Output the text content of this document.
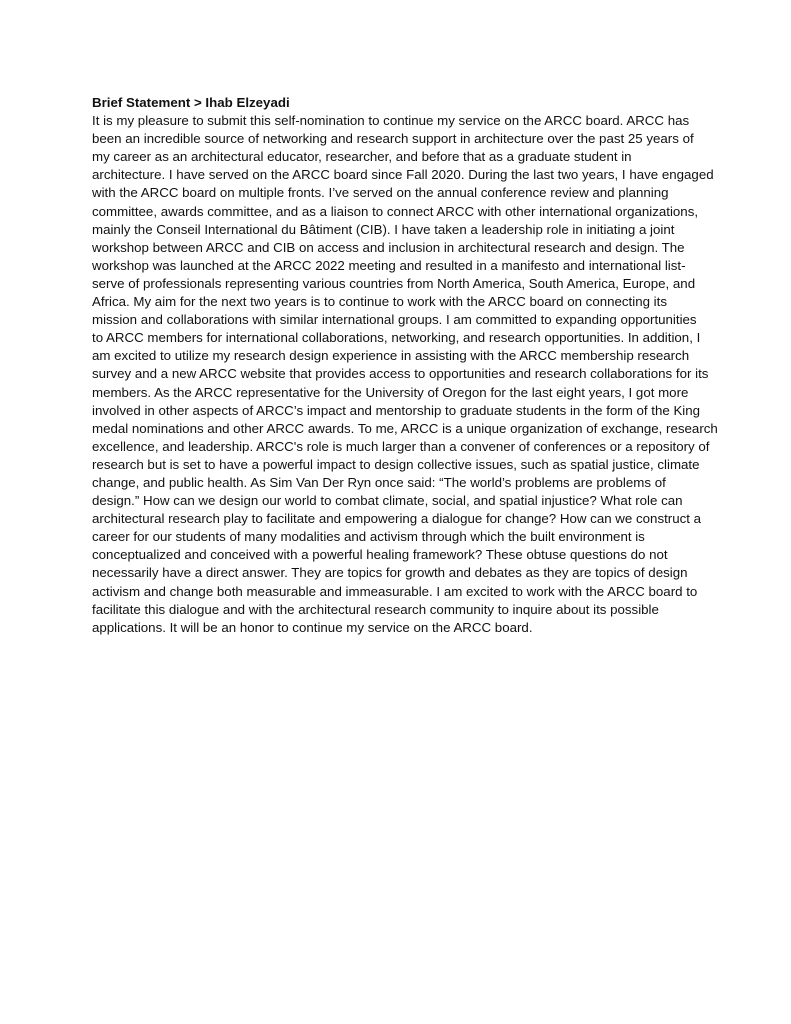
Brief Statement > Ihab Elzeyadi

It is my pleasure to submit this self-nomination to continue my service on the ARCC board. ARCC has
been an incredible source of networking and research support in architecture over the past 25 years of
my career as an architectural educator, researcher, and before that as a graduate student in
architecture. I have served on the ARCC board since Fall 2020. During the last two years, I have engaged
with the ARCC board on multiple fronts. I’ve served on the annual conference review and planning
committee, awards committee, and as a liaison to connect ARCC with other international organizations,
mainly the Conseil International du Bâtiment (CIB). I have taken a leadership role in initiating a joint
workshop between ARCC and CIB on access and inclusion in architectural research and design. The
workshop was launched at the ARCC 2022 meeting and resulted in a manifesto and international list-
serve of professionals representing various countries from North America, South America, Europe, and
Africa. My aim for the next two years is to continue to work with the ARCC board on connecting its
mission and collaborations with similar international groups. I am committed to expanding opportunities
to ARCC members for international collaborations, networking, and research opportunities. In addition, I
am excited to utilize my research design experience in assisting with the ARCC membership research
survey and a new ARCC website that provides access to opportunities and research collaborations for its
members. As the ARCC representative for the University of Oregon for the last eight years, I got more
involved in other aspects of ARCC’s impact and mentorship to graduate students in the form of the King
medal nominations and other ARCC awards. To me, ARCC is a unique organization of exchange, research
excellence, and leadership. ARCC's role is much larger than a convener of conferences or a repository of
research but is set to have a powerful impact to design collective issues, such as spatial justice, climate
change, and public health. As Sim Van Der Ryn once said: “The world’s problems are problems of
design.” How can we design our world to combat climate, social, and spatial injustice? What role can
architectural research play to facilitate and empowering a dialogue for change? How can we construct a
career for our students of many modalities and activism through which the built environment is
conceptualized and conceived with a powerful healing framework? These obtuse questions do not
necessarily have a direct answer. They are topics for growth and debates as they are topics of design
activism and change both measurable and immeasurable. I am excited to work with the ARCC board to
facilitate this dialogue and with the architectural research community to inquire about its possible
applications. It will be an honor to continue my service on the ARCC board.
